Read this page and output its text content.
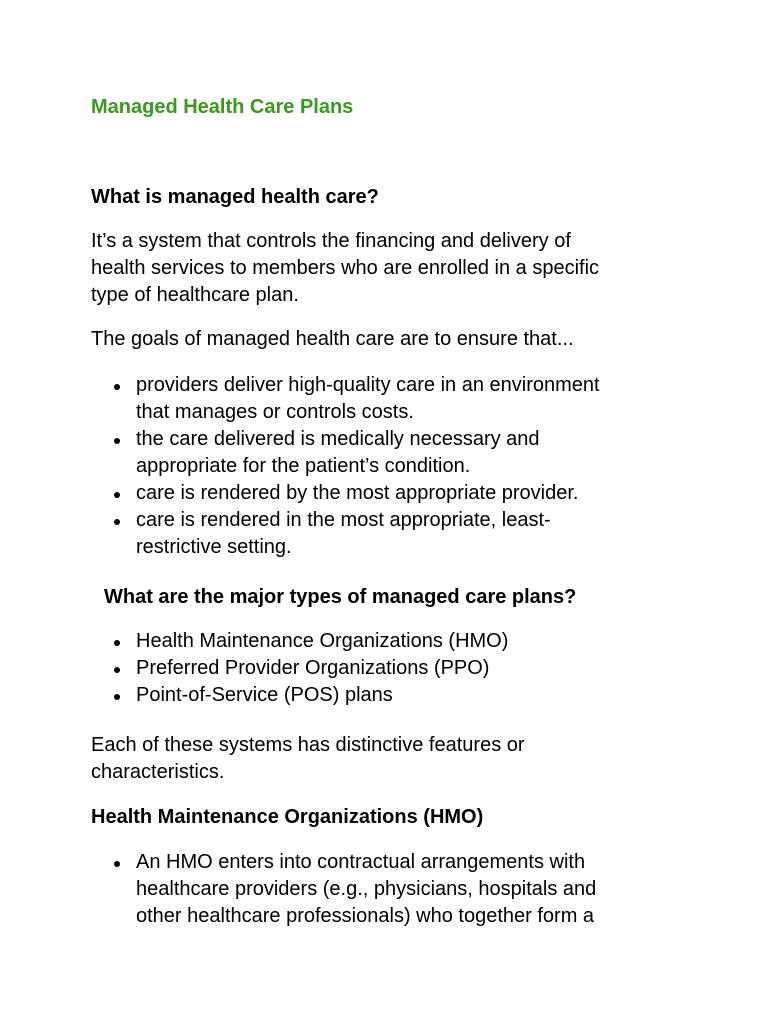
Managed Health Care Plans
What is managed health care?

It’s a system that controls the financing and delivery of
health services to members who are enrolled in a specific
type of healthcare plan.

The goals of managed health care are to ensure that...

providers deliver high-quality care in an environment
that manages or controls costs.
the care delivered is medically necessary and
appropriate for the patient’s condition.
care is rendered by the most appropriate provider.
care is rendered in the most appropriate, least-
restrictive setting.
What are the major types of managed care plans?
Health Maintenance Organizations (HMO)
Preferred Provider Organizations (PPO)
Point-of-Service (POS) plans

Each of these systems has distinctive features or
characteristics.

Health Maintenance Organizations (HMO)
An HMO enters into contractual arrangements with
healthcare providers (e.g., physicians, hospitals and
other healthcare professionals) who together form a
